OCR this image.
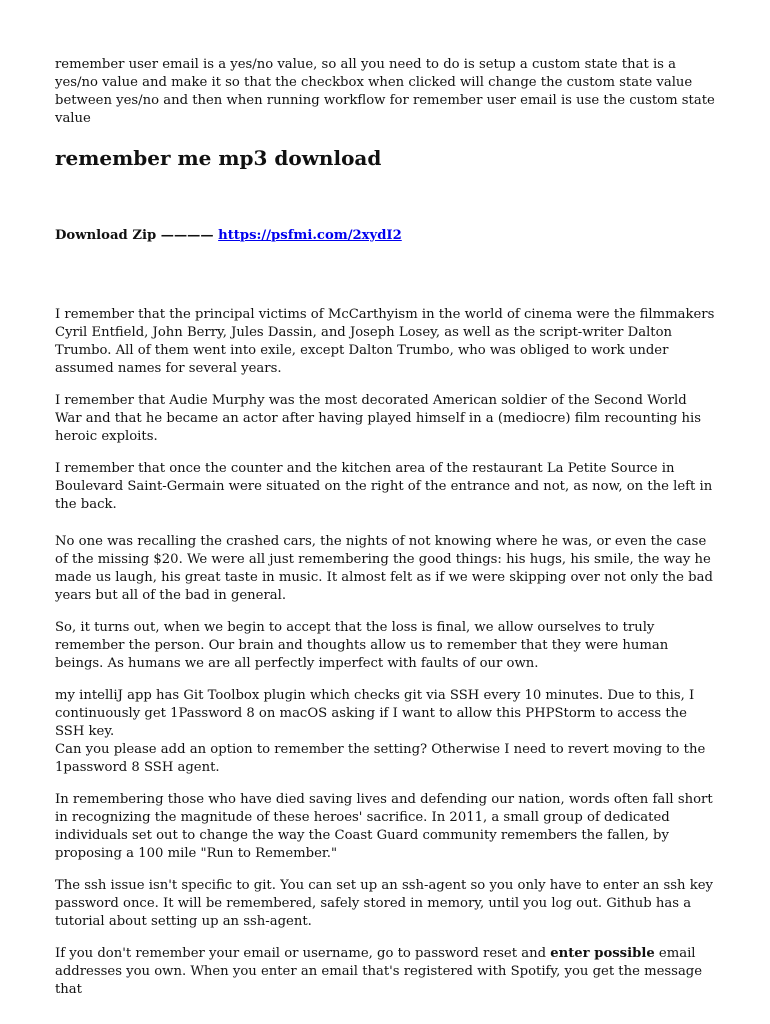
remember user email is a yes/no value, so all you need to do is setup a custom state that is a yes/no value and make it so that the checkbox when clicked will change the custom state value between yes/no and then when running workflow for remember user email is use the custom state value

remember me mp3 download

Download Zip ———— https://psfmi.com/2xydI2

I remember that the principal victims of McCarthyism in the world of cinema were the filmmakers Cyril Entfield, John Berry, Jules Dassin, and Joseph Losey, as well as the script-writer Dalton Trumbo. All of them went into exile, except Dalton Trumbo, who was obliged to work under assumed names for several years.

I remember that Audie Murphy was the most decorated American soldier of the Second World War and that he became an actor after having played himself in a (mediocre) film recounting his heroic exploits.

I remember that once the counter and the kitchen area of the restaurant La Petite Source in Boulevard Saint-Germain were situated on the right of the entrance and not, as now, on the left in the back.

No one was recalling the crashed cars, the nights of not knowing where he was, or even the case of the missing $20. We were all just remembering the good things: his hugs, his smile, the way he made us laugh, his great taste in music. It almost felt as if we were skipping over not only the bad years but all of the bad in general.

So, it turns out, when we begin to accept that the loss is final, we allow ourselves to truly remember the person. Our brain and thoughts allow us to remember that they were human beings. As humans we are all perfectly imperfect with faults of our own.

my intelliJ app has Git Toolbox plugin which checks git via SSH every 10 minutes. Due to this, I continuously get 1Password 8 on macOS asking if I want to allow this PHPStorm to access the SSH key.

Can you please add an option to remember the setting? Otherwise I need to revert moving to the 1password 8 SSH agent.

In remembering those who have died saving lives and defending our nation, words often fall short in recognizing the magnitude of these heroes' sacrifice. In 2011, a small group of dedicated individuals set out to change the way the Coast Guard community remembers the fallen, by proposing a 100 mile "Run to Remember."

The ssh issue isn't specific to git. You can set up an ssh-agent so you only have to enter an ssh key password once. It will be remembered, safely stored in memory, until you log out. Github has a tutorial about setting up an ssh-agent.

If you don't remember your email or username, go to password reset and enter possible email addresses you own. When you enter an email that's registered with Spotify, you get the message that
